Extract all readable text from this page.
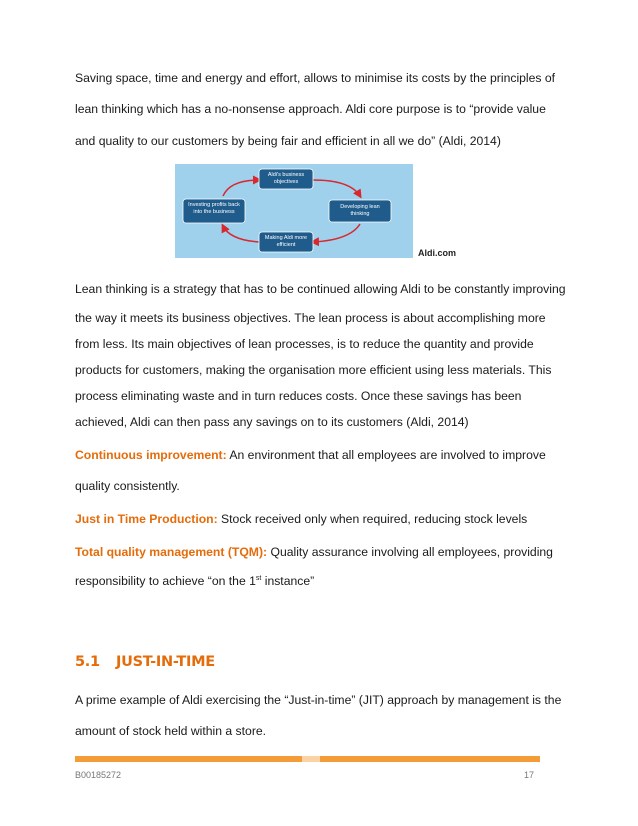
Saving space, time and energy and effort, allows to minimise its costs by the principles of
lean thinking which has a no-nonsense approach. Aldi core purpose is to “provide value
and quality to our customers by being fair and efficient in all we do” (Aldi, 2014)
Aldi's business objectives
Developing lean thinking
Making Aldi more efficient
Investing profits back into the business
Aldi.com
Lean thinking is a strategy that has to be continued allowing Aldi to be constantly improving
the way it meets its business objectives. The lean process is about accomplishing more
from less. Its main objectives of lean processes, is to reduce the quantity and provide
products for customers, making the organisation more efficient using less materials. This
process eliminating waste and in turn reduces costs. Once these savings has been
achieved, Aldi can then pass any savings on to its customers (Aldi, 2014)
Continuous improvement: An environment that all employees are involved to improve
quality consistently.
Just in Time Production: Stock received only when required, reducing stock levels
Total quality management (TQM): Quality assurance involving all employees, providing
responsibility to achieve “on the 1st instance”
5.1 JUST-IN-TIME
A prime example of Aldi exercising the “Just-in-time” (JIT) approach by management is the
amount of stock held within a store.
B00185272	17
